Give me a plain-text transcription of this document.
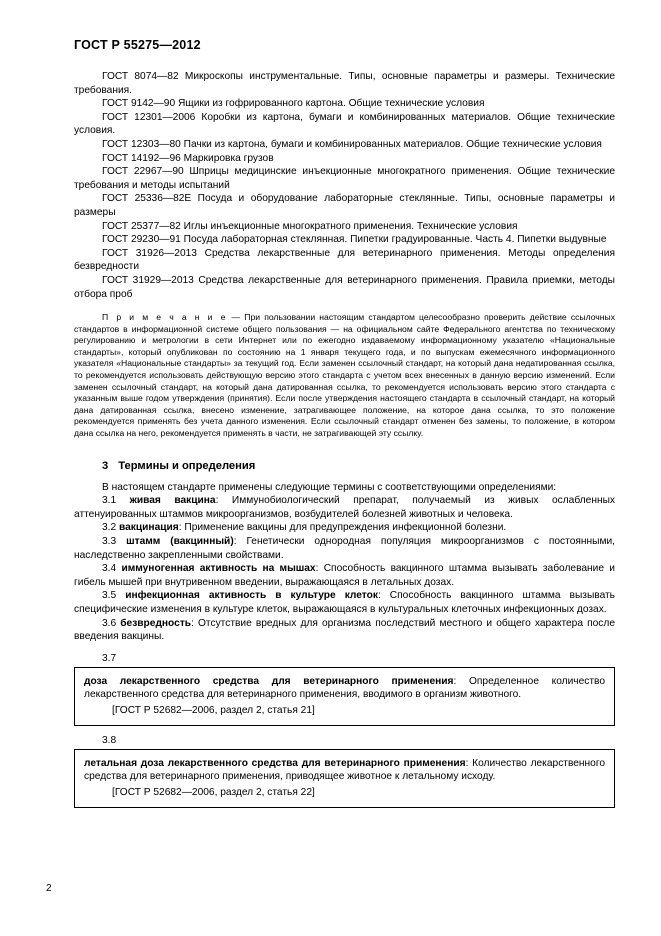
ГОСТ Р 55275—2012

ГОСТ 8074—82 Микроскопы инструментальные. Типы, основные параметры и размеры. Технические требования.

ГОСТ 9142—90 Ящики из гофрированного картона. Общие технические условия

ГОСТ 12301—2006 Коробки из картона, бумаги и комбинированных материалов. Общие технические условия.

ГОСТ 12303—80 Пачки из картона, бумаги и комбинированных материалов. Общие технические условия

ГОСТ 14192—96 Маркировка грузов

ГОСТ 22967—90 Шприцы медицинские инъекционные многократного применения. Общие технические требования и методы испытаний

ГОСТ 25336—82Е Посуда и оборудование лабораторные стеклянные. Типы, основные параметры и размеры

ГОСТ 25377—82 Иглы инъекционные многократного применения. Технические условия

ГОСТ 29230—91 Посуда лабораторная стеклянная. Пипетки градуированные. Часть 4. Пипетки выдувные

ГОСТ 31926—2013 Средства лекарственные для ветеринарного применения. Методы определения безвредности

ГОСТ 31929—2013 Средства лекарственные для ветеринарного применения. Правила приемки, методы отбора проб

П р и м е ч а н и е — При пользовании настоящим стандартом целесообразно проверить действие ссылочных стандартов в информационной системе общего пользования — на официальном сайте Федерального агентства по техническому регулированию и метрологии в сети Интернет или по ежегодно издаваемому информационному указателю «Национальные стандарты», который опубликован по состоянию на 1 января текущего года, и по выпускам ежемесячного информационного указателя «Национальные стандарты» за текущий год. Если заменен ссылочный стандарт, на который дана недатированная ссылка, то рекомендуется использовать действующую версию этого стандарта с учетом всех внесенных в данную версию изменений. Если заменен ссылочный стандарт, на который дана датированная ссылка, то рекомендуется использовать версию этого стандарта с указанным выше годом утверждения (принятия). Если после утверждения настоящего стандарта в ссылочный стандарт, на который дана датированная ссылка, внесено изменение, затрагивающее положение, на которое дана ссылка, то это положение рекомендуется применять без учета данного изменения. Если ссылочный стандарт отменен без замены, то положение, в котором дана ссылка на него, рекомендуется применять в части, не затрагивающей эту ссылку.

3 Термины и определения

В настоящем стандарте применены следующие термины с соответствующими определениями:

3.1 живая вакцина: Иммунобиологический препарат, получаемый из живых ослабленных аттенуированных штаммов микроорганизмов, возбудителей болезней животных и человека.

3.2 вакцинация: Применение вакцины для предупреждения инфекционной болезни.

3.3 штамм (вакцинный): Генетически однородная популяция микроорганизмов с постоянными, наследственно закрепленными свойствами.

3.4 иммуногенная активность на мышах: Способность вакцинного штамма вызывать заболевание и гибель мышей при внутривенном введении, выражающаяся в летальных дозах.

3.5 инфекционная активность в культуре клеток: Способность вакцинного штамма вызывать специфические изменения в культуре клеток, выражающаяся в культуральных клеточных инфекционных дозах.

3.6 безвредность: Отсутствие вредных для организма последствий местного и общего характера после введения вакцины.

3.7
доза лекарственного средства для ветеринарного применения: Определенное количество лекарственного средства для ветеринарного применения, вводимого в организм животного.
[ГОСТ Р 52682—2006, раздел 2, статья 21]
3.8
летальная доза лекарственного средства для ветеринарного применения: Количество лекарственного средства для ветеринарного применения, приводящее животное к летальному исходу.
[ГОСТ Р 52682—2006, раздел 2, статья 22]
2
